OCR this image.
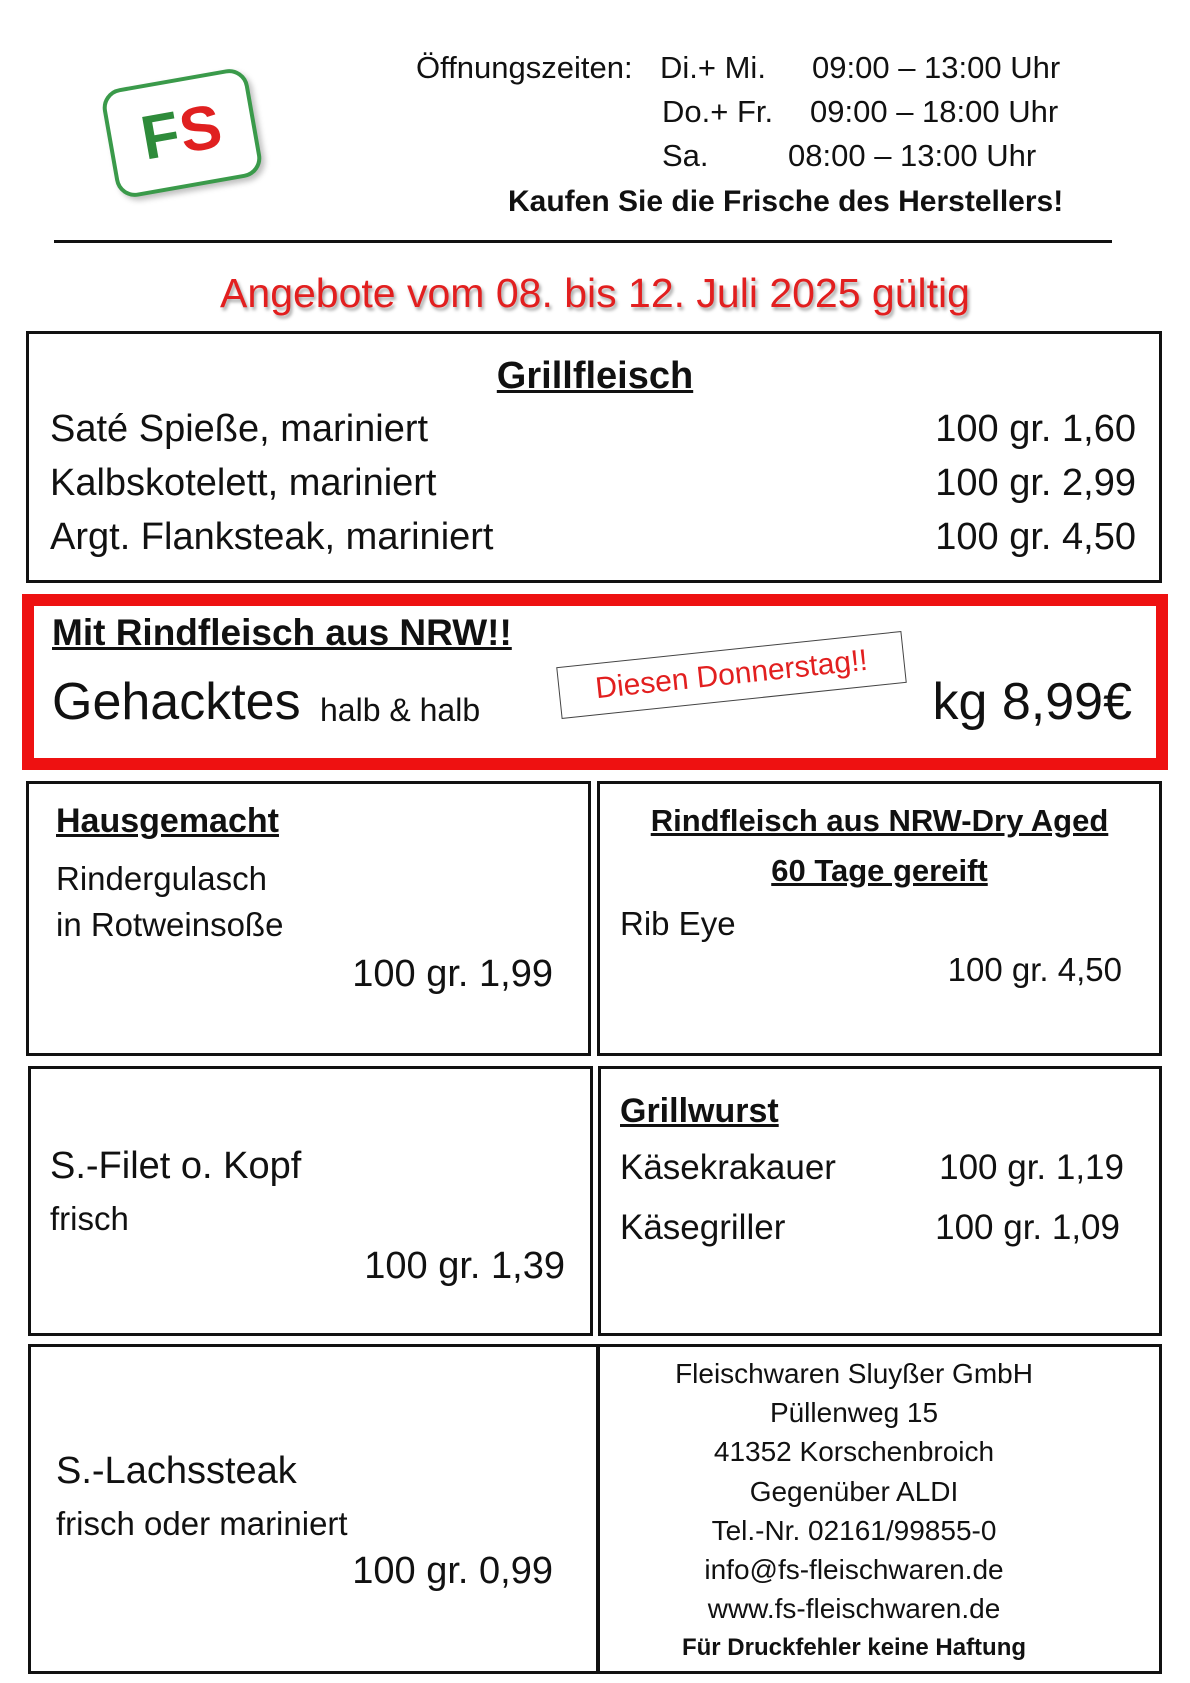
FS
Öffnungszeiten: Di.+ Mi. 09:00 – 13:00 Uhr
Do.+ Fr. 09:00 – 18:00 Uhr
Sa.	08:00 – 13:00 Uhr
Kaufen Sie die Frische des Herstellers!
Angebote vom 08. bis 12. Juli 2025 gültig
Grillfleisch
Saté Spieße, mariniert	100 gr. 1,60
Kalbskotelett, mariniert	100 gr. 2,99
Argt. Flanksteak, mariniert	100 gr. 4,50
Mit Rindfleisch aus NRW!!
Gehacktes halb & halb
Diesen Donnerstag!!	kg 8,99€
Hausgemacht
Rindergulasch
in Rotweinsoße
100 gr. 1,99
Rindfleisch aus NRW-Dry Aged
60 Tage gereift
Rib Eye
100 gr. 4,50
S.-Filet o. Kopf
frisch
100 gr. 1,39
Grillwurst
Käsekrakauer	100 gr. 1,19
Käsegriller	100 gr. 1,09
S.-Lachssteak
frisch oder mariniert
100 gr. 0,99
Fleischwaren Sluyßer GmbH
Püllenweg 15
41352 Korschenbroich
Gegenüber ALDI
Tel.-Nr. 02161/99855-0
info@fs-fleischwaren.de
www.fs-fleischwaren.de
Für Druckfehler keine Haftung
